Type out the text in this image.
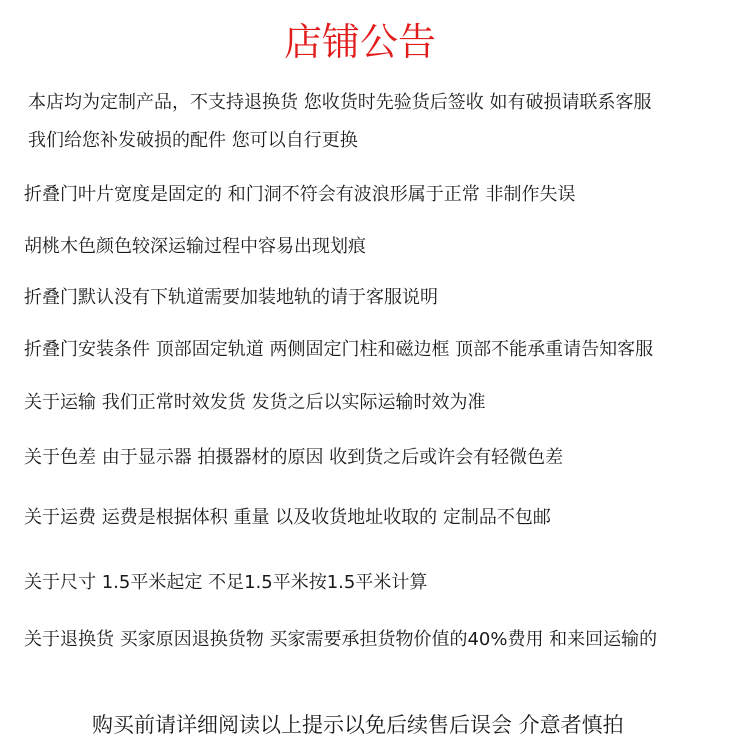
店铺公告
本店均为定制产品，不支持退换货 您收货时先验货后签收 如有破损请联系客服
我们给您补发破损的配件 您可以自行更换
折叠门叶片宽度是固定的 和门洞不符会有波浪形属于正常 非制作失误
胡桃木色颜色较深运输过程中容易出现划痕
折叠门默认没有下轨道需要加装地轨的请于客服说明
折叠门安装条件 顶部固定轨道 两侧固定门柱和磁边框 顶部不能承重请告知客服
关于运输 我们正常时效发货 发货之后以实际运输时效为准
关于色差 由于显示器 拍摄器材的原因 收到货之后或许会有轻微色差
关于运费 运费是根据体积 重量 以及收货地址收取的 定制品不包邮
关于尺寸 1.5平米起定 不足1.5平米按1.5平米计算
关于退换货 买家原因退换货物 买家需要承担货物价值的40%费用 和来回运输的
购买前请详细阅读以上提示以免后续售后误会 介意者慎拍
